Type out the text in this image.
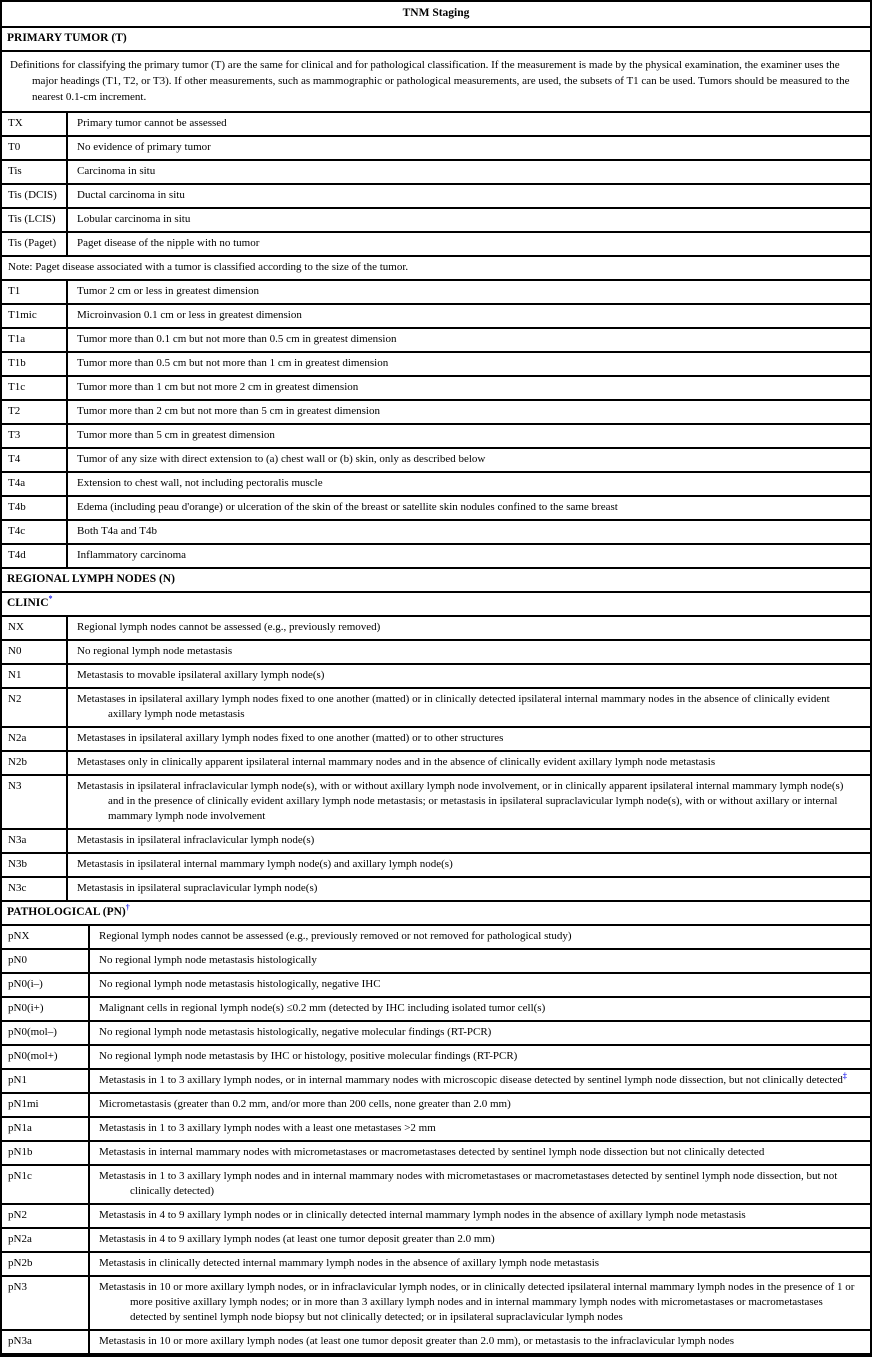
TNM Staging
PRIMARY TUMOR (T)
Definitions for classifying the primary tumor (T) are the same for clinical and for pathological classification. If the measurement is made by the physical examination, the examiner uses the major headings (T1, T2, or T3). If other measurements, such as mammographic or pathological measurements, are used, the subsets of T1 can be used. Tumors should be measured to the nearest 0.1-cm increment.
TX	Primary tumor cannot be assessed
T0	No evidence of primary tumor
Tis	Carcinoma in situ
Tis (DCIS)	Ductal carcinoma in situ
Tis (LCIS)	Lobular carcinoma in situ
Tis (Paget)	Paget disease of the nipple with no tumor
Note: Paget disease associated with a tumor is classified according to the size of the tumor.
T1	Tumor 2 cm or less in greatest dimension
T1mic	Microinvasion 0.1 cm or less in greatest dimension
T1a	Tumor more than 0.1 cm but not more than 0.5 cm in greatest dimension
T1b	Tumor more than 0.5 cm but not more than 1 cm in greatest dimension
T1c	Tumor more than 1 cm but not more 2 cm in greatest dimension
T2	Tumor more than 2 cm but not more than 5 cm in greatest dimension
T3	Tumor more than 5 cm in greatest dimension
T4	Tumor of any size with direct extension to (a) chest wall or (b) skin, only as described below
T4a	Extension to chest wall, not including pectoralis muscle
T4b	Edema (including peau d'orange) or ulceration of the skin of the breast or satellite skin nodules confined to the same breast
T4c	Both T4a and T4b
T4d	Inflammatory carcinoma
REGIONAL LYMPH NODES (N)
CLINIC*
NX	Regional lymph nodes cannot be assessed (e.g., previously removed)
N0	No regional lymph node metastasis
N1	Metastasis to movable ipsilateral axillary lymph node(s)
N2	Metastases in ipsilateral axillary lymph nodes fixed to one another (matted) or in clinically detected ipsilateral internal mammary nodes in the absence of clinically evident axillary lymph node metastasis
N2a	Metastases in ipsilateral axillary lymph nodes fixed to one another (matted) or to other structures
N2b	Metastases only in clinically apparent ipsilateral internal mammary nodes and in the absence of clinically evident axillary lymph node metastasis
N3	Metastasis in ipsilateral infraclavicular lymph node(s), with or without axillary lymph node involvement, or in clinically apparent ipsilateral internal mammary lymph node(s) and in the presence of clinically evident axillary lymph node metastasis; or metastasis in ipsilateral supraclavicular lymph node(s), with or without axillary or internal mammary lymph node involvement
N3a	Metastasis in ipsilateral infraclavicular lymph node(s)
N3b	Metastasis in ipsilateral internal mammary lymph node(s) and axillary lymph node(s)
N3c	Metastasis in ipsilateral supraclavicular lymph node(s)
PATHOLOGICAL (PN)†
pNX	Regional lymph nodes cannot be assessed (e.g., previously removed or not removed for pathological study)
pN0	No regional lymph node metastasis histologically
pN0(i–)	No regional lymph node metastasis histologically, negative IHC
pN0(i+)	Malignant cells in regional lymph node(s) ≤0.2 mm (detected by IHC including isolated tumor cell(s)
pN0(mol–)	No regional lymph node metastasis histologically, negative molecular findings (RT-PCR)
pN0(mol+)	No regional lymph node metastasis by IHC or histology, positive molecular findings (RT-PCR)
pN1	Metastasis in 1 to 3 axillary lymph nodes, or in internal mammary nodes with microscopic disease detected by sentinel lymph node dissection, but not clinically detected‡
pN1mi	Micrometastasis (greater than 0.2 mm, and/or more than 200 cells, none greater than 2.0 mm)
pN1a	Metastasis in 1 to 3 axillary lymph nodes with a least one metastases >2 mm
pN1b	Metastasis in internal mammary nodes with micrometastases or macrometastases detected by sentinel lymph node dissection but not clinically detected
pN1c	Metastasis in 1 to 3 axillary lymph nodes and in internal mammary nodes with micrometastases or macrometastases detected by sentinel lymph node dissection, but not clinically detected)
pN2	Metastasis in 4 to 9 axillary lymph nodes or in clinically detected internal mammary lymph nodes in the absence of axillary lymph node metastasis
pN2a	Metastasis in 4 to 9 axillary lymph nodes (at least one tumor deposit greater than 2.0 mm)
pN2b	Metastasis in clinically detected internal mammary lymph nodes in the absence of axillary lymph node metastasis
pN3	Metastasis in 10 or more axillary lymph nodes, or in infraclavicular lymph nodes, or in clinically detected ipsilateral internal mammary lymph nodes in the presence of 1 or more positive axillary lymph nodes; or in more than 3 axillary lymph nodes and in internal mammary lymph nodes with micrometastases or macrometastases detected by sentinel lymph node biopsy but not clinically detected; or in ipsilateral supraclavicular lymph nodes
pN3a	Metastasis in 10 or more axillary lymph nodes (at least one tumor deposit greater than 2.0 mm), or metastasis to the infraclavicular lymph nodes
